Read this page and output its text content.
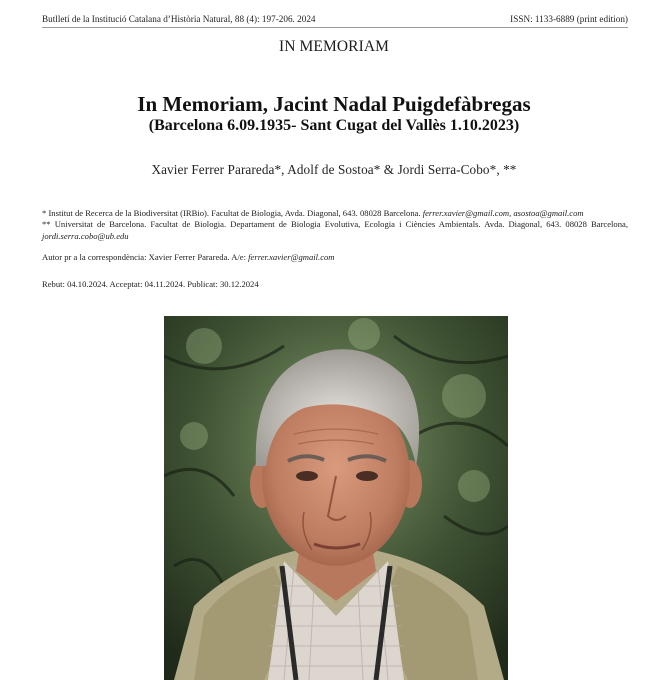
Butlletí de la Institució Catalana d’Història Natural, 88 (4): 197-206. 2024	ISSN: 1133-6889 (print edition)
IN MEMORIAM
In Memoriam, Jacint Nadal Puigdefàbregas
(Barcelona 6.09.1935- Sant Cugat del Vallès 1.10.2023)
Xavier Ferrer Parareda*, Adolf de Sostoa* & Jordi Serra-Cobo*, **
* Institut de Recerca de la Biodiversitat (IRBio). Facultat de Biologia, Avda. Diagonal, 643. 08028 Barcelona. ferrer.xavier@gmail.com, asostoa@gmail.com
** Universitat de Barcelona. Facultat de Biologia. Departament de Biologia Evolutiva, Ecologia i Ciències Ambientals. Avda. Diagonal, 643. 08028 Barcelona, jordi.serra.cobo@ub.edu
Autor pr a la correspondència: Xavier Ferrer Parareda. A/e: ferrer.xavier@gmail.com
Rebut: 04.10.2024. Acceptat: 04.11.2024. Publicat: 30.12.2024
